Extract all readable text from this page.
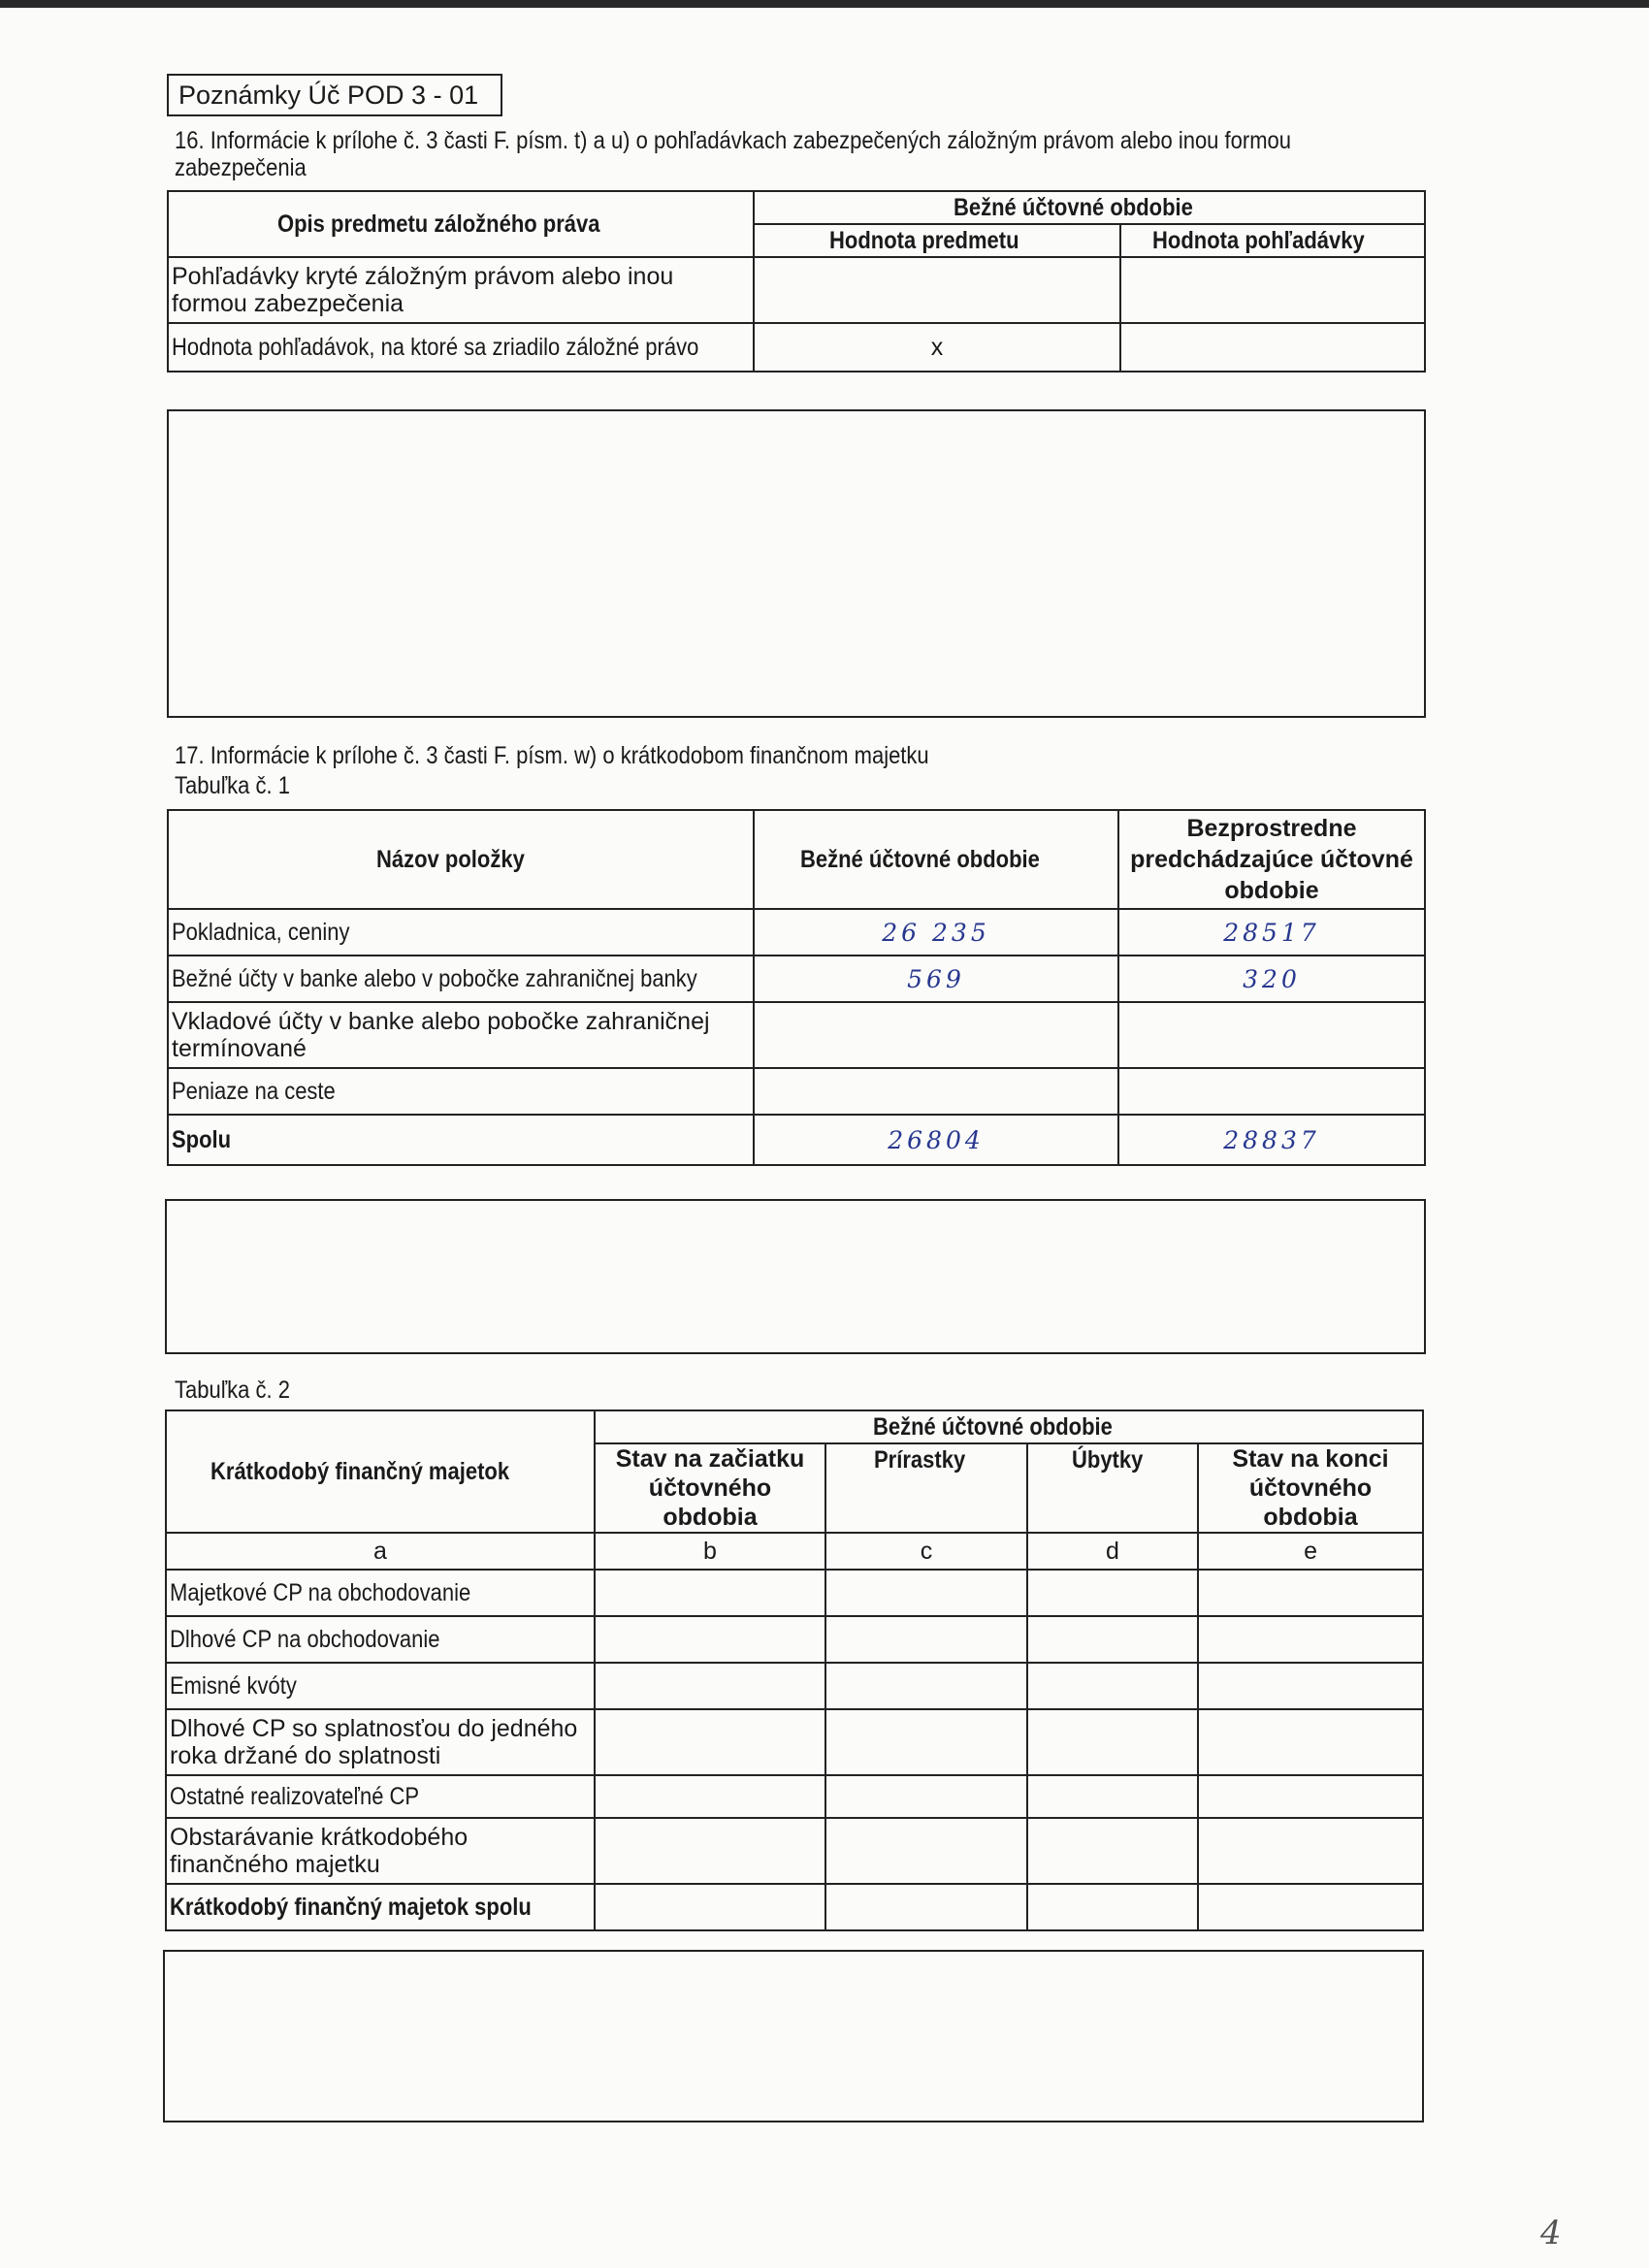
Poznámky Úč POD 3 - 01
16. Informácie k prílohe č. 3 časti F. písm. t) a u) o pohľadávkach zabezpečených záložným právom alebo inou formou
zabezpečenia
Opis predmetu záložného práva	Bežné účtovné obdobie	
	Hodnota predmetu	Hodnota pohľadávky
Pohľadávky kryté záložným právom alebo inou formou zabezpečenia		
Hodnota pohľadávok, na ktoré sa zriadilo záložné právo	x	
17. Informácie k prílohe č. 3 časti F. písm. w) o krátkodobom finančnom majetku
Tabuľka č. 1
Názov položky	Bežné účtovné obdobie	Bezprostredne predchádzajúce účtovné obdobie
Pokladnica, ceniny	26 235	28517
Bežné účty v banke alebo v pobočke zahraničnej banky	569	320
Vkladové účty v banke alebo pobočke zahraničnej termínované		
Peniaze na ceste		
Spolu	26804	28837
Tabuľka č. 2
Krátkodobý finančný majetok	Bežné účtovné obdobie			
	Stav na začiatku účtovného obdobia	Prírastky	Úbytky	Stav na konci účtovného obdobia
a	b	c	d	e
Majetkové CP na obchodovanie				
Dlhové CP na obchodovanie				
Emisné kvóty				
Dlhové CP so splatnosťou do jedného roka držané do splatnosti				
Ostatné realizovateľné CP				
Obstarávanie krátkodobého finančného majetku				
Krátkodobý finančný majetok spolu				
4
